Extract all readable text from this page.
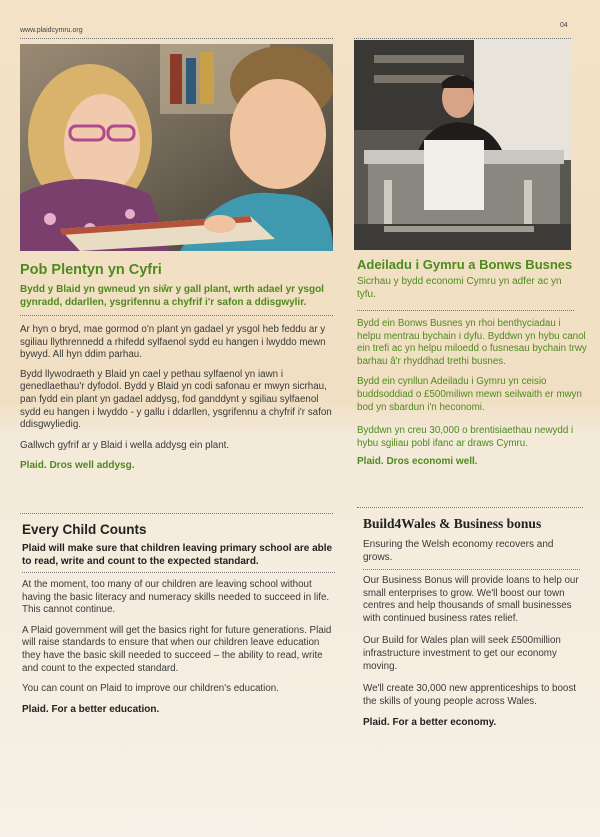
www.plaidcymru.org
04
Pob Plentyn yn Cyfri

Bydd y Blaid yn gwneud yn siŵr y gall plant, wrth adael yr ysgol gynradd, ddarllen, ysgrifennu a chyfrif i'r safon a ddisgwylir.

Ar hyn o bryd, mae gormod o'n plant yn gadael yr ysgol heb feddu ar y sgiliau llythrennedd a rhifedd sylfaenol sydd eu hangen i lwyddo mewn bywyd. All hyn ddim parhau.

Bydd llywodraeth y Blaid yn cael y pethau sylfaenol yn iawn i genedlaethau'r dyfodol. Bydd y Blaid yn codi safonau er mwyn sicrhau, pan fydd ein plant yn gadael addysg, fod ganddynt y sgiliau sylfaenol sydd eu hangen i lwyddo - y gallu i ddarllen, ysgrifennu a chyfrif i'r safon ddisgwyliedig.

Gallwch gyfrif ar y Blaid i wella addysg ein plant.

Plaid. Dros well addysg.

Adeiladu i Gymru a Bonws Busnes

Sicrhau y bydd economi Cymru yn adfer ac yn tyfu.

Bydd ein Bonws Busnes yn rhoi benthyciadau i helpu mentrau bychain i dyfu. Byddwn yn hybu canol ein trefi ac yn helpu miloedd o fusnesau bychain trwy barhau â'r rhyddhad trethi busnes.

Bydd ein cynllun Adeiladu i Gymru yn ceisio buddsoddiad o £500miliwn mewn seilwaith er mwyn bod yn sbardun i'n heconomi.

Byddwn yn creu 30,000 o brentisiaethau newydd i hybu sgiliau pobl ifanc ar draws Cymru.

Plaid. Dros economi well.

Every Child Counts

Plaid will make sure that children leaving primary school are able to read, write and count to the expected standard.

At the moment, too many of our children are leaving school without having the basic literacy and numeracy skills needed to succeed in life. This cannot continue.

A Plaid government will get the basics right for future generations. Plaid will raise standards to ensure that when our children leave education they have the basic skill needed to succeed – the ability to read, write and count to the expected standard.

You can count on Plaid to improve our children's education.

Plaid. For a better education.

Build4Wales & Business bonus

Ensuring the Welsh economy recovers and grows.

Our Business Bonus will provide loans to help our small enterprises to grow. We'll boost our town centres and help thousands of small businesses with continued business rates relief.

Our Build for Wales plan will seek £500million infrastructure investment to get our economy moving.

We'll create 30,000 new apprenticeships to boost the skills of young people across Wales.

Plaid. For a better economy.
